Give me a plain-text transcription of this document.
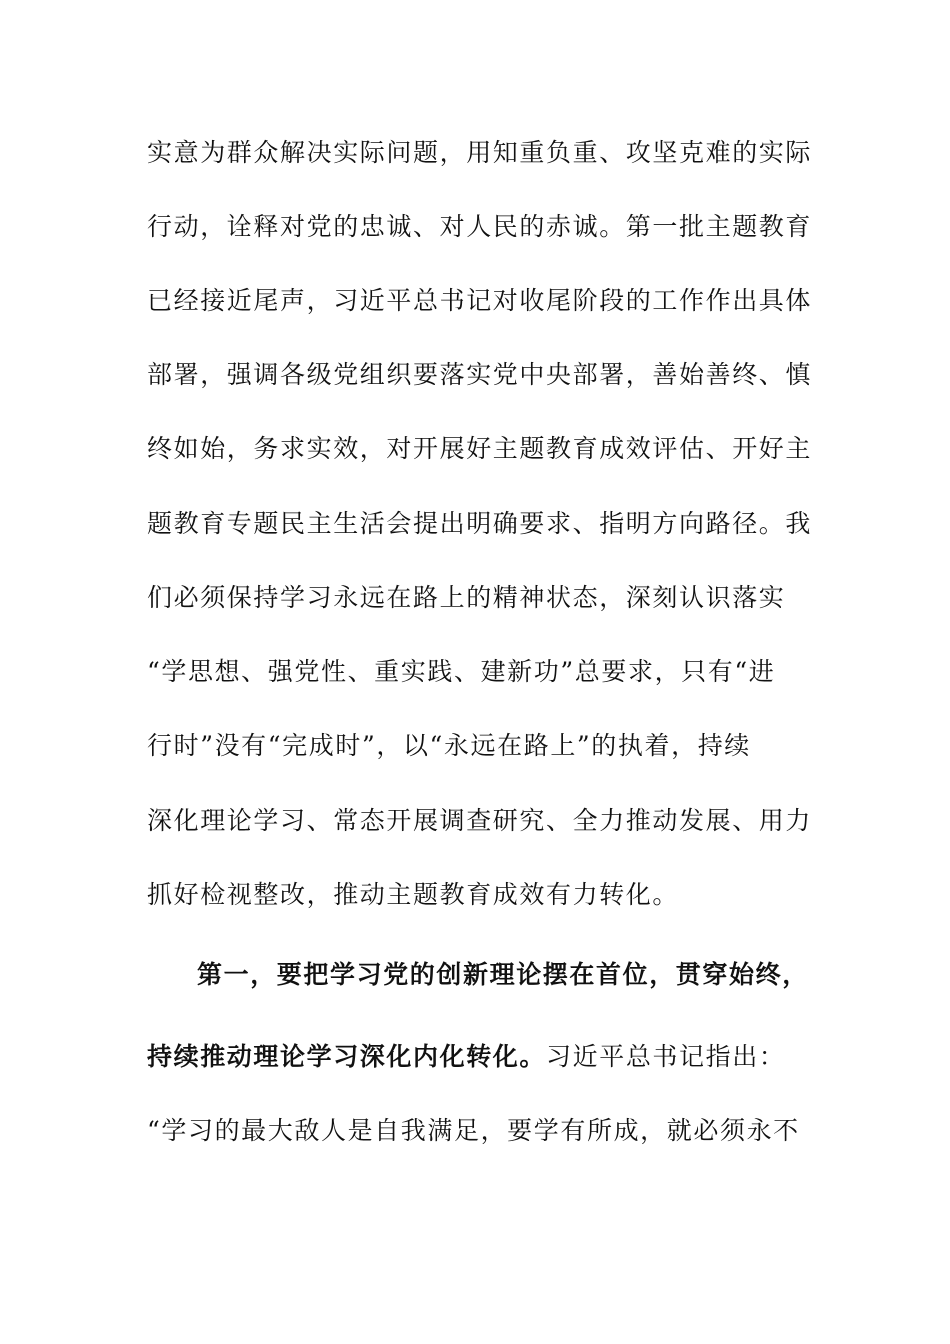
实意为群众解决实际问题，用知重负重、攻坚克难的实际
行动，诠释对党的忠诚、对人民的赤诚。第一批主题教育
已经接近尾声，习近平总书记对收尾阶段的工作作出具体
部署，强调各级党组织要落实党中央部署，善始善终、慎
终如始，务求实效，对开展好主题教育成效评估、开好主
题教育专题民主生活会提出明确要求、指明方向路径。我
们必须保持学习永远在路上的精神状态，深刻认识落实
“学思想、强党性、重实践、建新功”总要求，只有“进
行时”没有“完成时”，以“永远在路上”的执着，持续
深化理论学习、常态开展调查研究、全力推动发展、用力
抓好检视整改，推动主题教育成效有力转化。
第一，要把学习党的创新理论摆在首位，贯穿始终，
持续推动理论学习深化内化转化。习近平总书记指出：
“学习的最大敌人是自我满足，要学有所成，就必须永不
